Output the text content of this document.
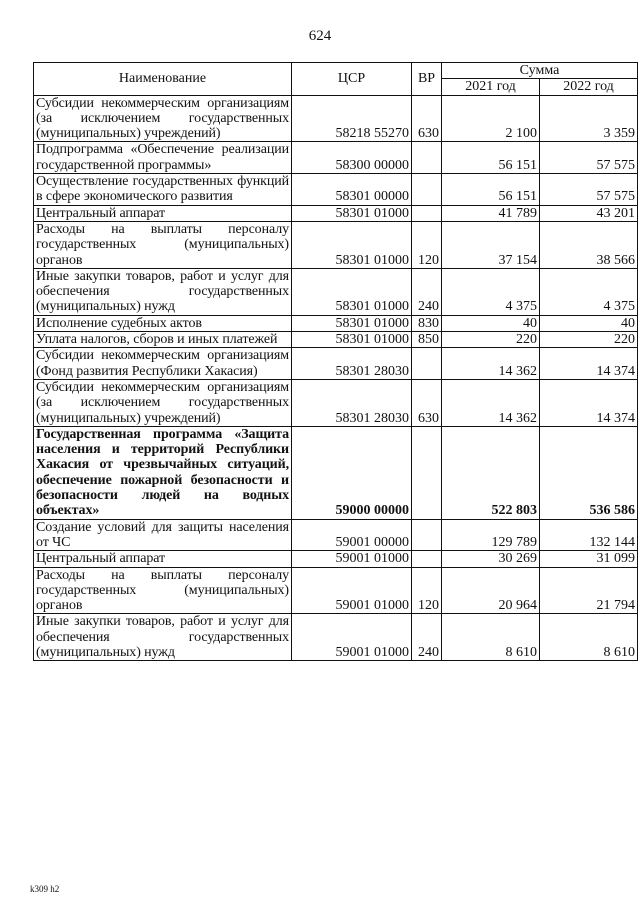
624
Наименование	ЦСР	ВР	Сумма	
			2021 год	2022 год
Субсидии некоммерческим организациям (за исключением государственных (муниципальных) учреждений)	58218 55270	630	2 100	3 359
Подпрограмма «Обеспечение реализации государственной программы»	58300 00000		56 151	57 575
Осуществление государственных функций в сфере экономического развития	58301 00000		56 151	57 575
Центральный аппарат	58301 01000		41 789	43 201
Расходы на выплаты персоналу государственных (муниципальных) органов	58301 01000	120	37 154	38 566
Иные закупки товаров, работ и услуг для обеспечения государственных (муниципальных) нужд	58301 01000	240	4 375	4 375
Исполнение судебных актов	58301 01000	830	40	40
Уплата налогов, сборов и иных платежей	58301 01000	850	220	220
Субсидии некоммерческим организациям (Фонд развития Республики Хакасия)	58301 28030		14 362	14 374
Субсидии некоммерческим организациям (за исключением государственных (муниципальных) учреждений)	58301 28030	630	14 362	14 374
Государственная программа «Защита населения и территорий Республики Хакасия от чрезвычайных ситуаций, обеспечение пожарной безопасности и безопасности людей на водных объектах»	59000 00000		522 803	536 586
Создание условий для защиты населения от ЧС	59001 00000		129 789	132 144
Центральный аппарат	59001 01000		30 269	31 099
Расходы на выплаты персоналу государственных (муниципальных) органов	59001 01000	120	20 964	21 794
Иные закупки товаров, работ и услуг для обеспечения государственных (муниципальных) нужд	59001 01000	240	8 610	8 610
k309 h2
